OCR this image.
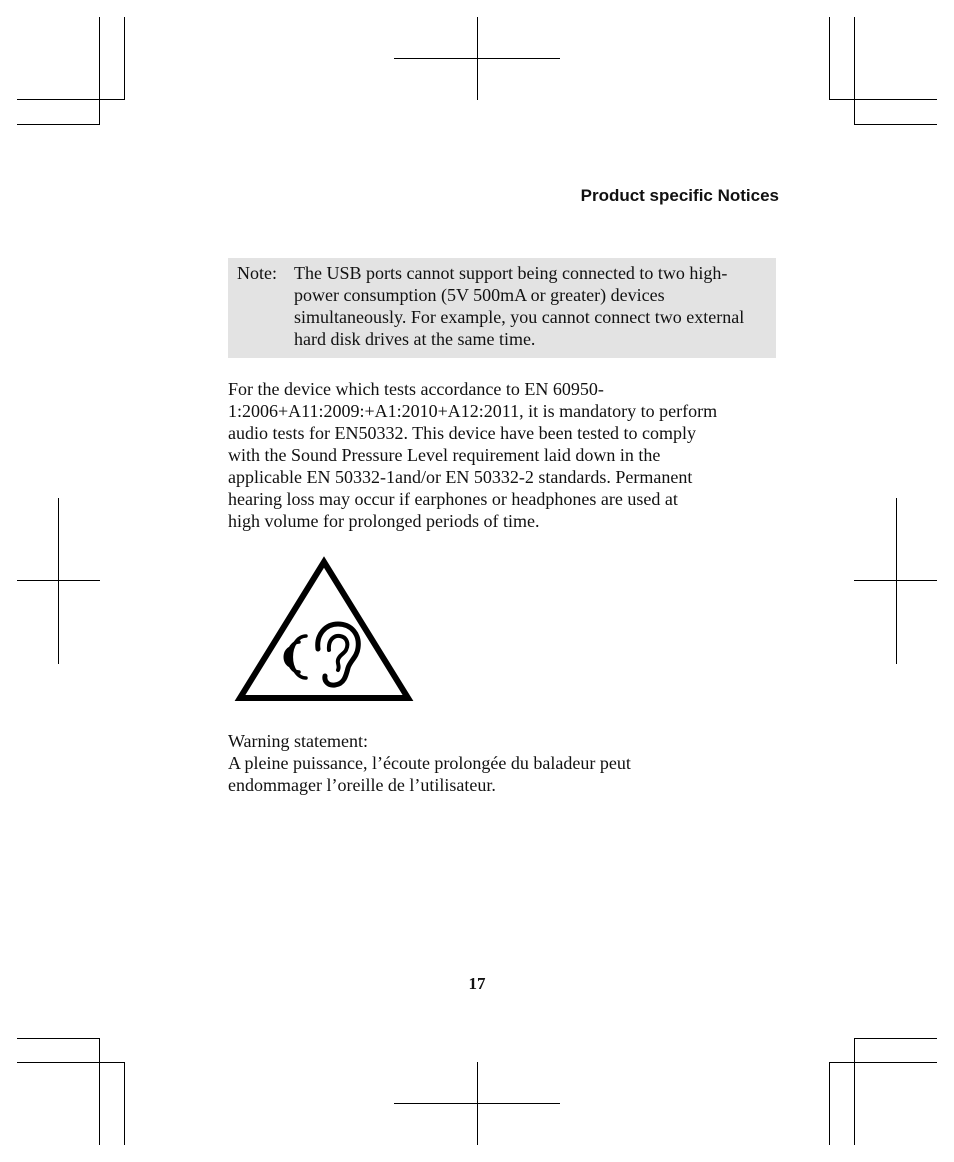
Product specific Notices
Note: The USB ports cannot support being connected to two high-power consumption (5V 500mA or greater) devices simultaneously. For example, you cannot connect two external hard disk drives at the same time.
For the device which tests accordance to EN 60950-
1:2006+A11:2009:+A1:2010+A12:2011, it is mandatory to perform
audio tests for EN50332. This device have been tested to comply
with the Sound Pressure Level requirement laid down in the
applicable EN 50332-1and/or EN 50332-2 standards. Permanent
hearing loss may occur if earphones or headphones are used at
high volume for prolonged periods of time.
Warning statement:
A pleine puissance, l’écoute prolongée du baladeur peut
endommager l’oreille de l’utilisateur.
17
